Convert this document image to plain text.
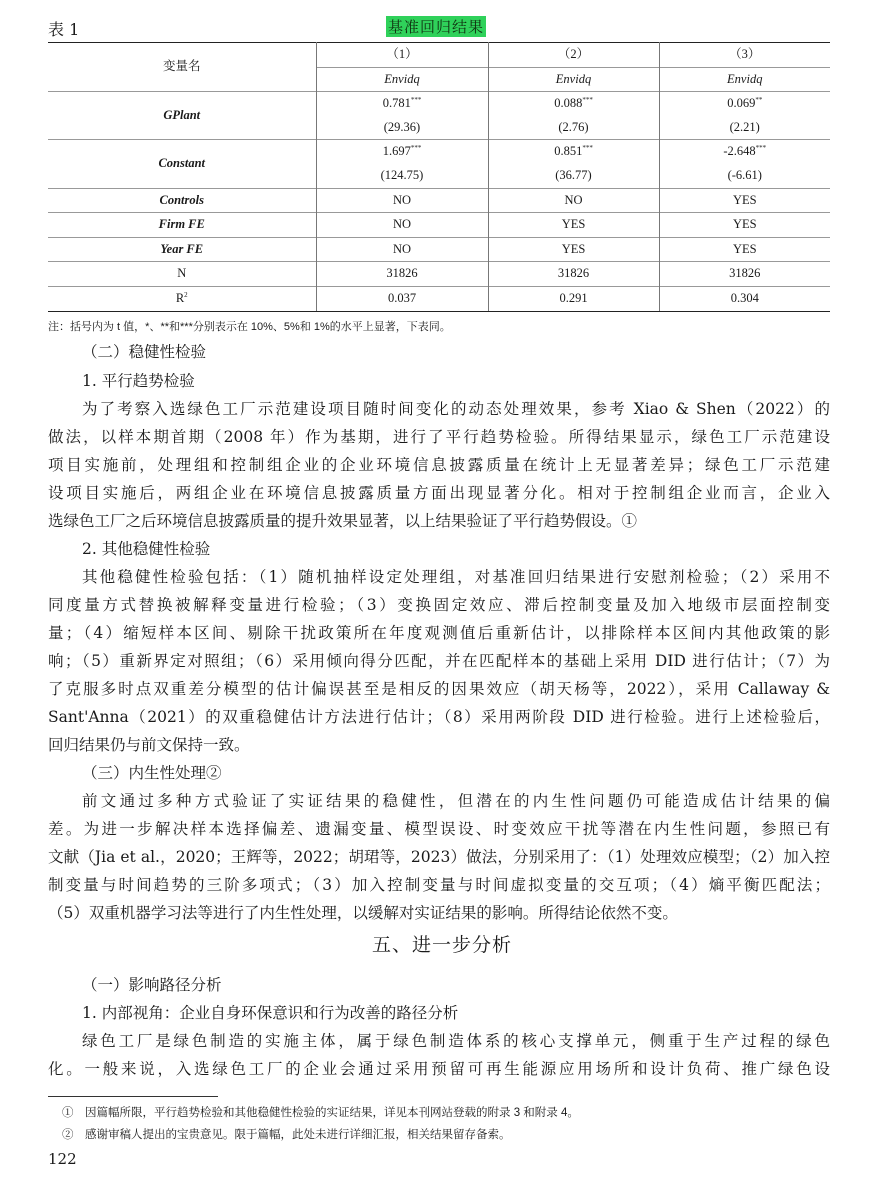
表 1	基准回归结果
变量名	（1）	（2）	（3）
	Envidq	Envidq	Envidq
GPlant	0.781***	0.088***	0.069**
	(29.36)	(2.76)	(2.21)
Constant	1.697***	0.851***	-2.648***
	(124.75)	(36.77)	(-6.61)
Controls	NO	NO	YES
Firm FE	NO	YES	YES
Year FE	NO	YES	YES
N	31826	31826	31826
$R^2$	0.037	0.291	0.304
注：括号内为 t 值，*、**和***分别表示在 10%、5%和 1%的水平上显著，下表同。
（二）稳健性检验
1. 平行趋势检验
为了考察入选绿色工厂示范建设项目随时间变化的动态处理效果，参考 Xiao & Shen（2022）的
做法，以样本期首期（2008 年）作为基期，进行了平行趋势检验。所得结果显示，绿色工厂示范建设
项目实施前，处理组和控制组企业的企业环境信息披露质量在统计上无显著差异；绿色工厂示范建
设项目实施后，两组企业在环境信息披露质量方面出现显著分化。相对于控制组企业而言，企业入
选绿色工厂之后环境信息披露质量的提升效果显著，以上结果验证了平行趋势假设。①
2. 其他稳健性检验
其他稳健性检验包括：（1）随机抽样设定处理组，对基准回归结果进行安慰剂检验；（2）采用不
同度量方式替换被解释变量进行检验；（3）变换固定效应、滞后控制变量及加入地级市层面控制变
量；（4）缩短样本区间、剔除干扰政策所在年度观测值后重新估计，以排除样本区间内其他政策的影
响；（5）重新界定对照组；（6）采用倾向得分匹配，并在匹配样本的基础上采用 DID 进行估计；（7）为
了克服多时点双重差分模型的估计偏误甚至是相反的因果效应（胡天杨等，2022），采用 Callaway &
Sant'Anna（2021）的双重稳健估计方法进行估计；（8）采用两阶段 DID 进行检验。进行上述检验后，
回归结果仍与前文保持一致。
（三）内生性处理②
前文通过多种方式验证了实证结果的稳健性，但潜在的内生性问题仍可能造成估计结果的偏
差。为进一步解决样本选择偏差、遗漏变量、模型误设、时变效应干扰等潜在内生性问题，参照已有
文献（Jia et al.，2020；王辉等，2022；胡珺等，2023）做法，分别采用了：（1）处理效应模型；（2）加入控
制变量与时间趋势的三阶多项式；（3）加入控制变量与时间虚拟变量的交互项；（4）熵平衡匹配法；
（5）双重机器学习法等进行了内生性处理，以缓解对实证结果的影响。所得结论依然不变。
五、进一步分析
（一）影响路径分析
1. 内部视角：企业自身环保意识和行为改善的路径分析
绿色工厂是绿色制造的实施主体，属于绿色制造体系的核心支撑单元，侧重于生产过程的绿色
化。一般来说，入选绿色工厂的企业会通过采用预留可再生能源应用场所和设计负荷、推广绿色设
①　因篇幅所限，平行趋势检验和其他稳健性检验的实证结果，详见本刊网站登载的附录 3 和附录 4。
②　感谢审稿人提出的宝贵意见。限于篇幅，此处未进行详细汇报，相关结果留存备索。
122
